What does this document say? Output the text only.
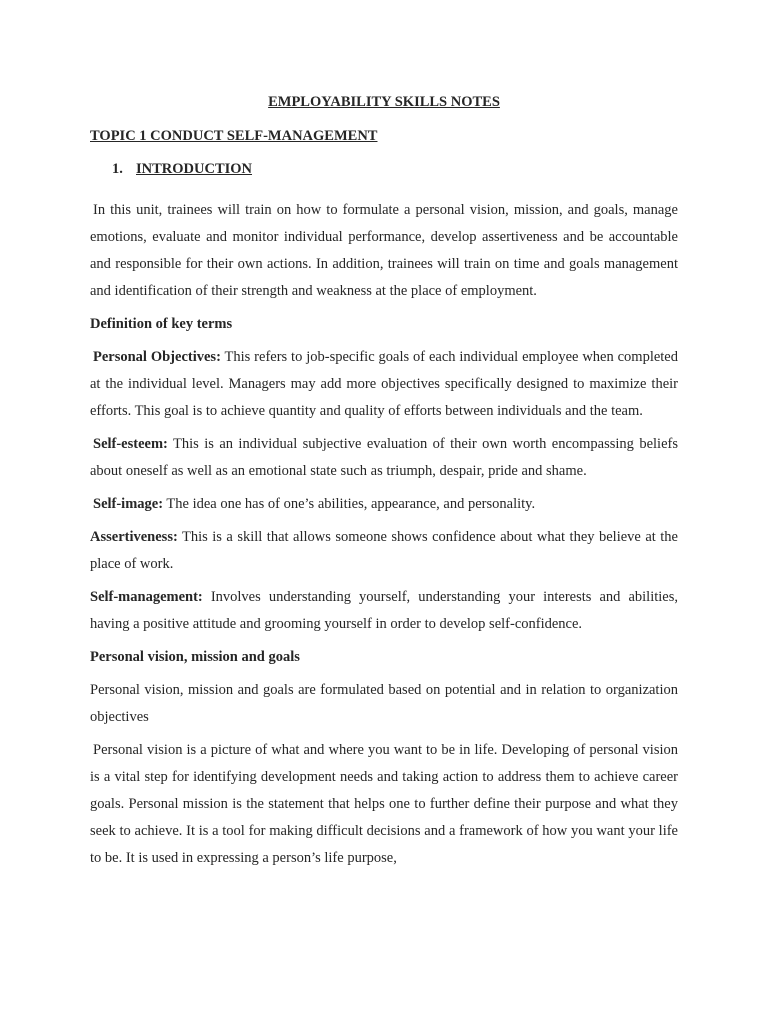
EMPLOYABILITY SKILLS NOTES
TOPIC 1 CONDUCT SELF-MANAGEMENT
1. INTRODUCTION

In this unit, trainees will train on how to formulate a personal vision, mission, and goals, manage emotions, evaluate and monitor individual performance, develop assertiveness and be accountable and responsible for their own actions. In addition, trainees will train on time and goals management and identification of their strength and weakness at the place of employment.

Definition of key terms

Personal Objectives: This refers to job-specific goals of each individual employee when completed at the individual level. Managers may add more objectives specifically designed to maximize their efforts. This goal is to achieve quantity and quality of efforts between individuals and the team.

Self-esteem: This is an individual subjective evaluation of their own worth encompassing beliefs about oneself as well as an emotional state such as triumph, despair, pride and shame.

Self-image: The idea one has of one’s abilities, appearance, and personality.

Assertiveness: This is a skill that allows someone shows confidence about what they believe at the place of work.

Self-management: Involves understanding yourself, understanding your interests and abilities, having a positive attitude and grooming yourself in order to develop self-confidence.

Personal vision, mission and goals

Personal vision, mission and goals are formulated based on potential and in relation to organization objectives

Personal vision is a picture of what and where you want to be in life. Developing of personal vision is a vital step for identifying development needs and taking action to address them to achieve career goals. Personal mission is the statement that helps one to further define their purpose and what they seek to achieve. It is a tool for making difficult decisions and a framework of how you want your life to be. It is used in expressing a person’s life purpose,
